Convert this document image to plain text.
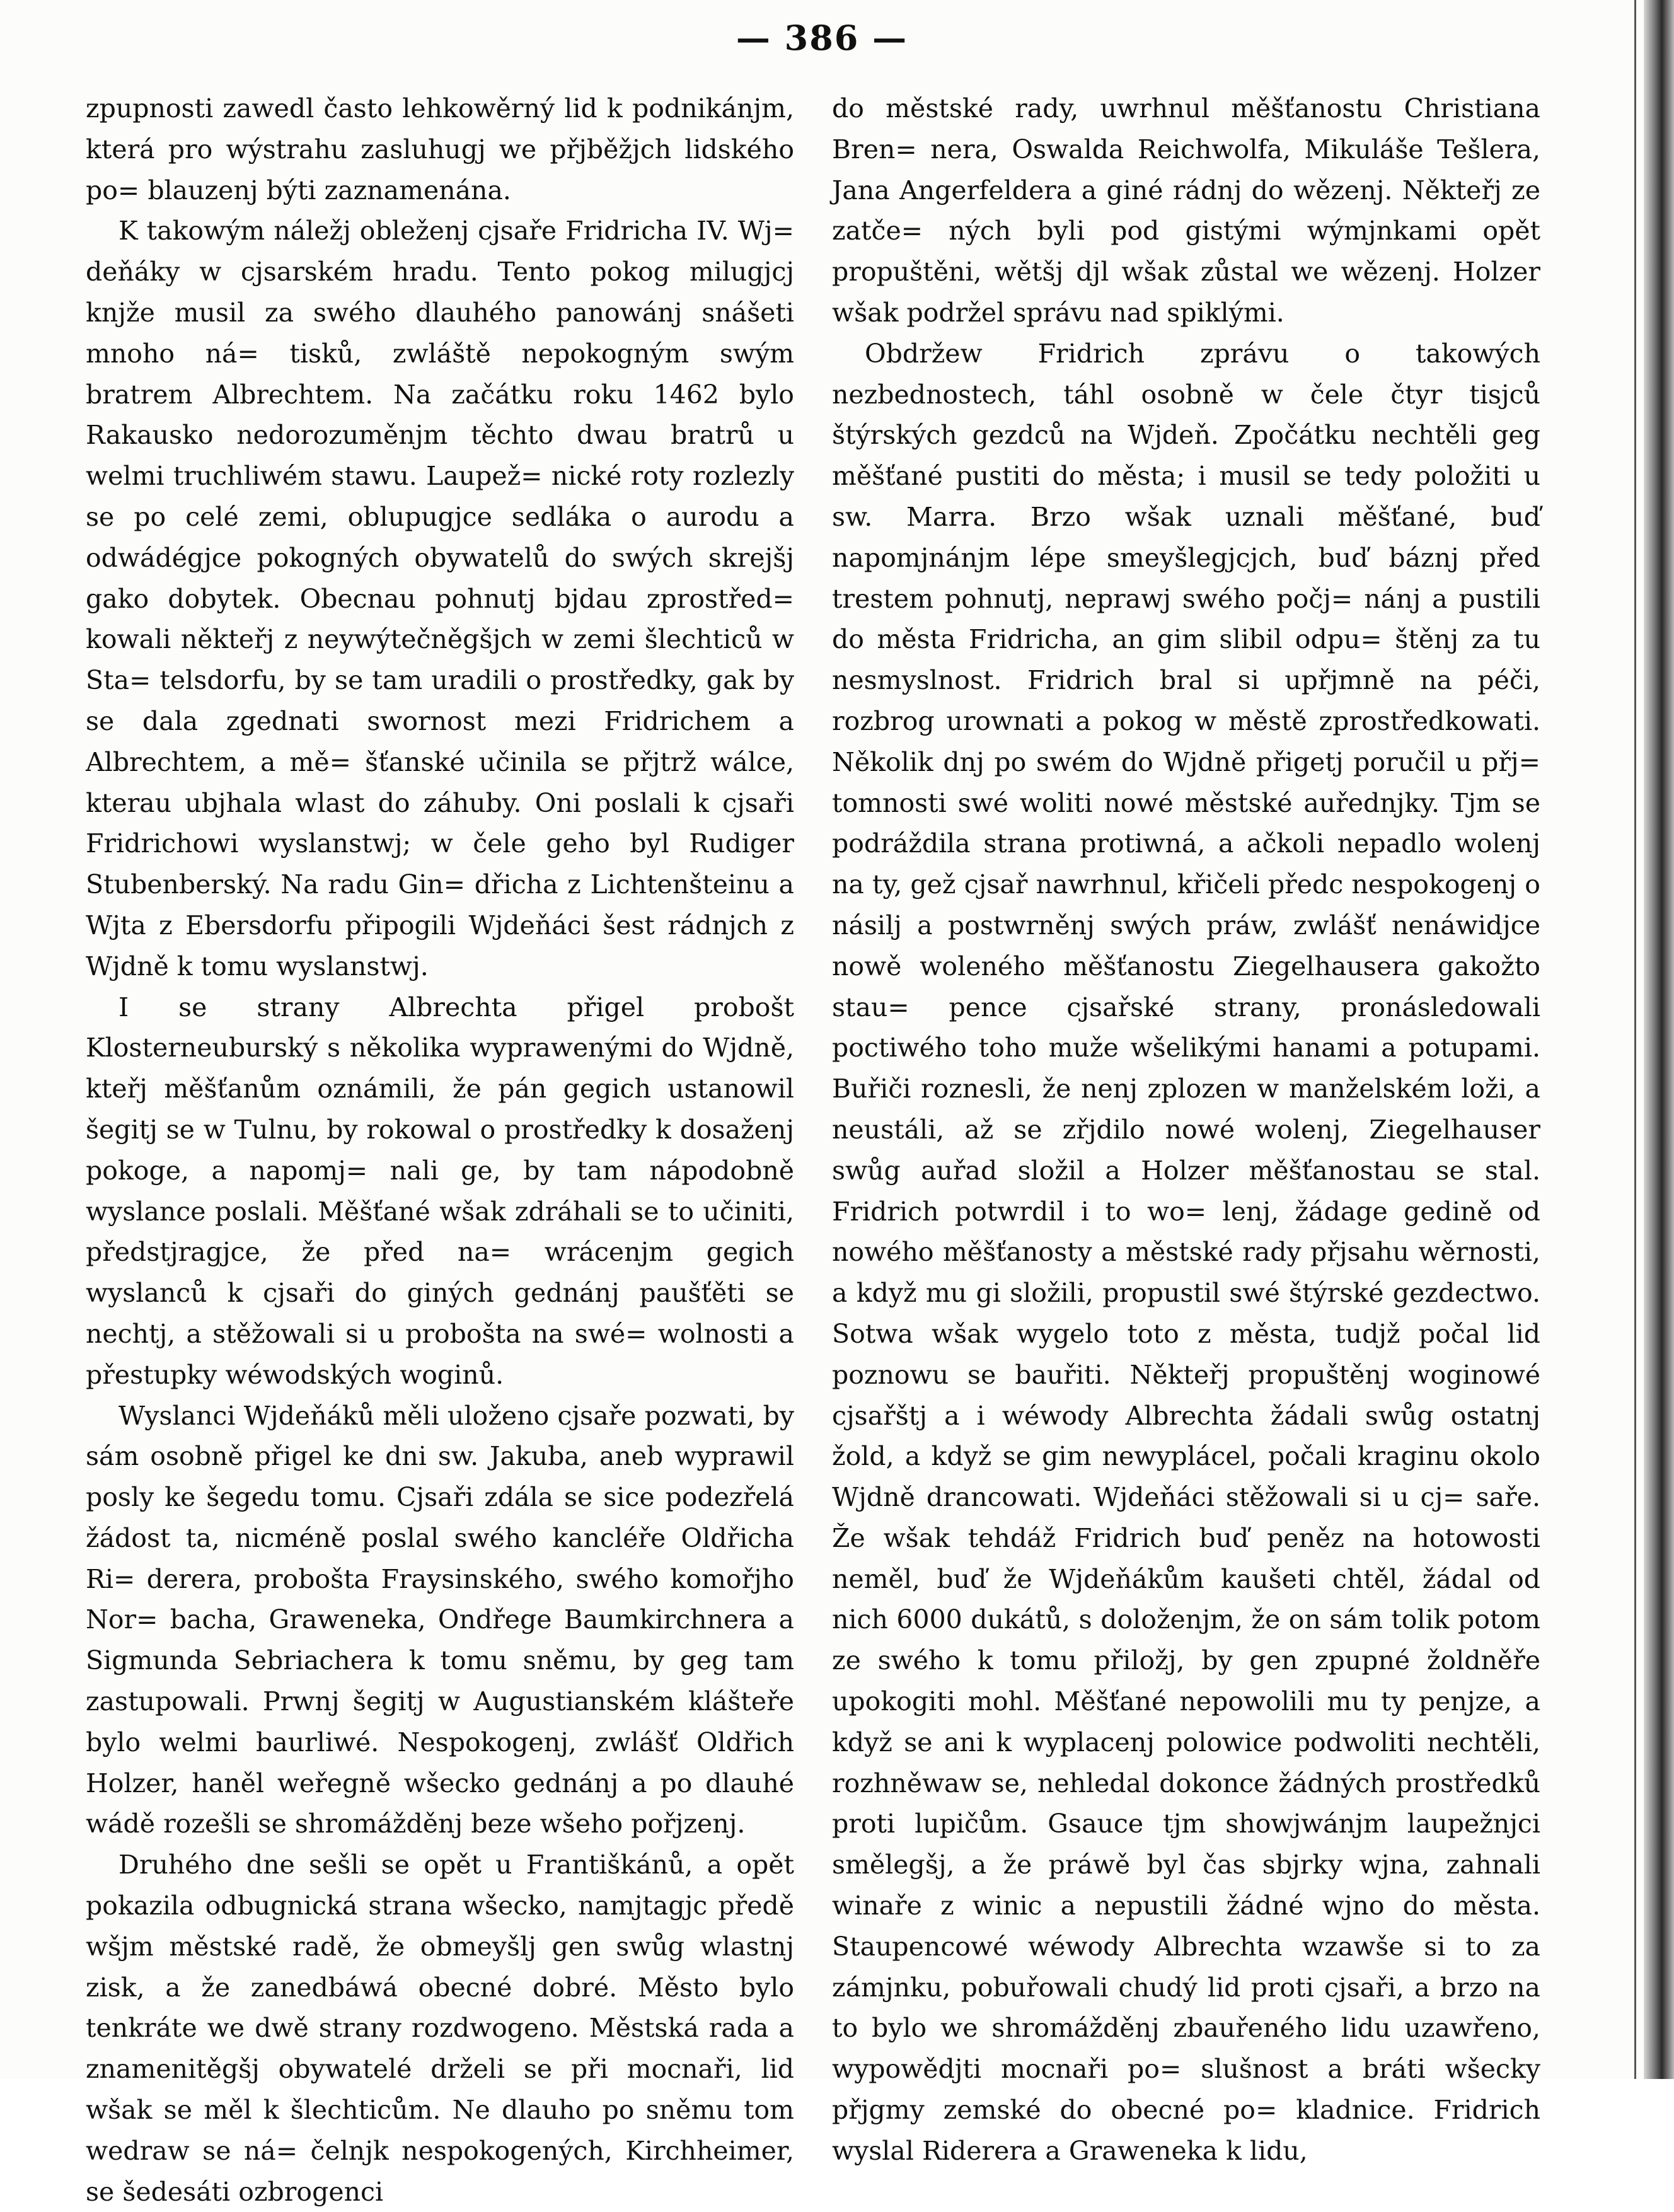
— 386 —

zpupnosti zawedl často lehkowěrný lid k podnikánjm, která pro wýstrahu zasluhugj we přjběžjch lidského po= blauzenj býti zaznamenána.

K takowým náležj obleženj cjsaře Fridricha IV. Wj= deňáky w cjsarském hradu. Tento pokog milugjcj knjže musil za swého dlauhého panowánj snášeti mnoho ná= tisků, zwláště nepokogným swým bratrem Albrechtem. Na začátku roku 1462 bylo Rakausko nedorozuměnjm těchto dwau bratrů u welmi truchliwém stawu. Laupež= nické roty rozlezly se po celé zemi, oblupugjce sedláka o aurodu a odwádégjce pokogných obywatelů do swých skrejšj gako dobytek. Obecnau pohnutj bjdau zprostřed= kowali někteřj z neywýtečněgšjch w zemi šlechticů w Sta= telsdorfu, by se tam uradili o prostředky, gak by se dala zgednati swornost mezi Fridrichem a Albrechtem, a mě= šťanské učinila se přjtrž wálce, kterau ubjhala wlast do záhuby. Oni poslali k cjsaři Fridrichowi wyslanstwj; w čele geho byl Rudiger Stubenberský. Na radu Gin= dřicha z Lichtenšteinu a Wjta z Ebersdorfu připogili Wjdeňáci šest rádnjch z Wjdně k tomu wyslanstwj.

I se strany Albrechta přigel probošt Klosterneuburský s několika wyprawenými do Wjdně, kteřj měšťanům oznámili, že pán gegich ustanowil šegitj se w Tulnu, by rokowal o prostředky k dosaženj pokoge, a napomj= nali ge, by tam nápodobně wyslance poslali. Měšťané wšak zdráhali se to učiniti, předstjragjce, že před na= wrácenjm gegich wyslanců k cjsaři do giných gednánj paušťěti se nechtj, a stěžowali si u probošta na swé= wolnosti a přestupky wéwodských woginů.

Wyslanci Wjdeňáků měli uloženo cjsaře pozwati, by sám osobně přigel ke dni sw. Jakuba, aneb wyprawil posly ke šegedu tomu. Cjsaři zdála se sice podezřelá žádost ta, nicméně poslal swého kancléře Oldřicha Ri= derera, probošta Fraysinského, swého komořjho Nor= bacha, Graweneka, Ondřege Baumkirchnera a Sigmunda Sebriachera k tomu sněmu, by geg tam zastupowali. Prwnj šegitj w Augustianském klášteře bylo welmi baurliwé. Nespokogenj, zwlášť Oldřich Holzer, haněl weřegně wšecko gednánj a po dlauhé wádě rozešli se shromážděnj beze wšeho pořjzenj.

Druhého dne sešli se opět u Františkánů, a opět pokazila odbugnická strana wšecko, namjtagjc předě wšjm městské radě, že obmeyšlj gen swůg wlastnj zisk, a že zanedbáwá obecné dobré. Město bylo tenkráte we dwě strany rozdwogeno. Městská rada a znamenitěgšj obywatelé drželi se při mocnaři, lid wšak se měl k šlechticům. Ne dlauho po sněmu tom wedraw se ná= čelnjk nespokogených, Kirchheimer, se šedesáti ozbrogenci

do městské rady, uwrhnul měšťanostu Christiana Bren= nera, Oswalda Reichwolfa, Mikuláše Tešlera, Jana Angerfeldera a giné rádnj do wězenj. Někteřj ze zatče= ných byli pod gistými wýmjnkami opět propuštěni, wětšj djl wšak zůstal we wězenj. Holzer wšak podržel správu nad spiklými.

Obdržew Fridrich zprávu o takowých nezbednostech, táhl osobně w čele čtyr tisjců štýrských gezdců na Wjdeň. Zpočátku nechtěli geg měšťané pustiti do města; i musil se tedy položiti u sw. Marra. Brzo wšak uznali měšťané, buď napomjnánjm lépe smeyšlegjcjch, buď báznj před trestem pohnutj, neprawj swého počj= nánj a pustili do města Fridricha, an gim slibil odpu= štěnj za tu nesmyslnost. Fridrich bral si upřjmně na péči, rozbrog urownati a pokog w městě zprostředkowati. Několik dnj po swém do Wjdně přigetj poručil u přj= tomnosti swé woliti nowé městské auřednjky. Tjm se podráždila strana protiwná, a ačkoli nepadlo wolenj na ty, gež cjsař nawrhnul, křičeli předc nespokogenj o násilj a postwrněnj swých práw, zwlášť nenáwidjce nowě woleného měšťanostu Ziegelhausera gakožto stau= pence cjsařské strany, pronásledowali poctiwého toho muže wšelikými hanami a potupami. Buřiči roznesli, že nenj zplozen w manželském loži, a neustáli, až se zřjdilo nowé wolenj, Ziegelhauser swůg auřad složil a Holzer měšťanostau se stal. Fridrich potwrdil i to wo= lenj, žádage gedině od nowého měšťanosty a městské rady přjsahu wěrnosti, a když mu gi složili, propustil swé štýrské gezdectwo. Sotwa wšak wygelo toto z města, tudjž počal lid poznowu se bauřiti. Někteřj propuštěnj woginowé cjsařštj a i wéwody Albrechta žádali swůg ostatnj žold, a když se gim newyplácel, počali kraginu okolo Wjdně drancowati. Wjdeňáci stěžowali si u cj= saře. Že wšak tehdáž Fridrich buď peněz na hotowosti neměl, buď že Wjdeňákům kaušeti chtěl, žádal od nich 6000 dukátů, s doloženjm, že on sám tolik potom ze swého k tomu přiložj, by gen zpupné žoldněře upokogiti mohl. Měšťané nepowolili mu ty penjze, a když se ani k wyplacenj polowice podwoliti nechtěli, rozhněwaw se, nehledal dokonce žádných prostředků proti lupičům. Gsauce tjm showjwánjm laupežnjci smělegšj, a že práwě byl čas sbjrky wjna, zahnali winaře z winic a nepustili žádné wjno do města. Staupencowé wéwody Albrechta wzawše si to za zámjnku, pobuřowali chudý lid proti cjsaři, a brzo na to bylo we shromážděnj zbauřeného lidu uzawřeno, wypowědjti mocnaři po= slušnost a bráti wšecky přjgmy zemské do obecné po= kladnice. Fridrich wyslal Riderera a Graweneka k lidu,
